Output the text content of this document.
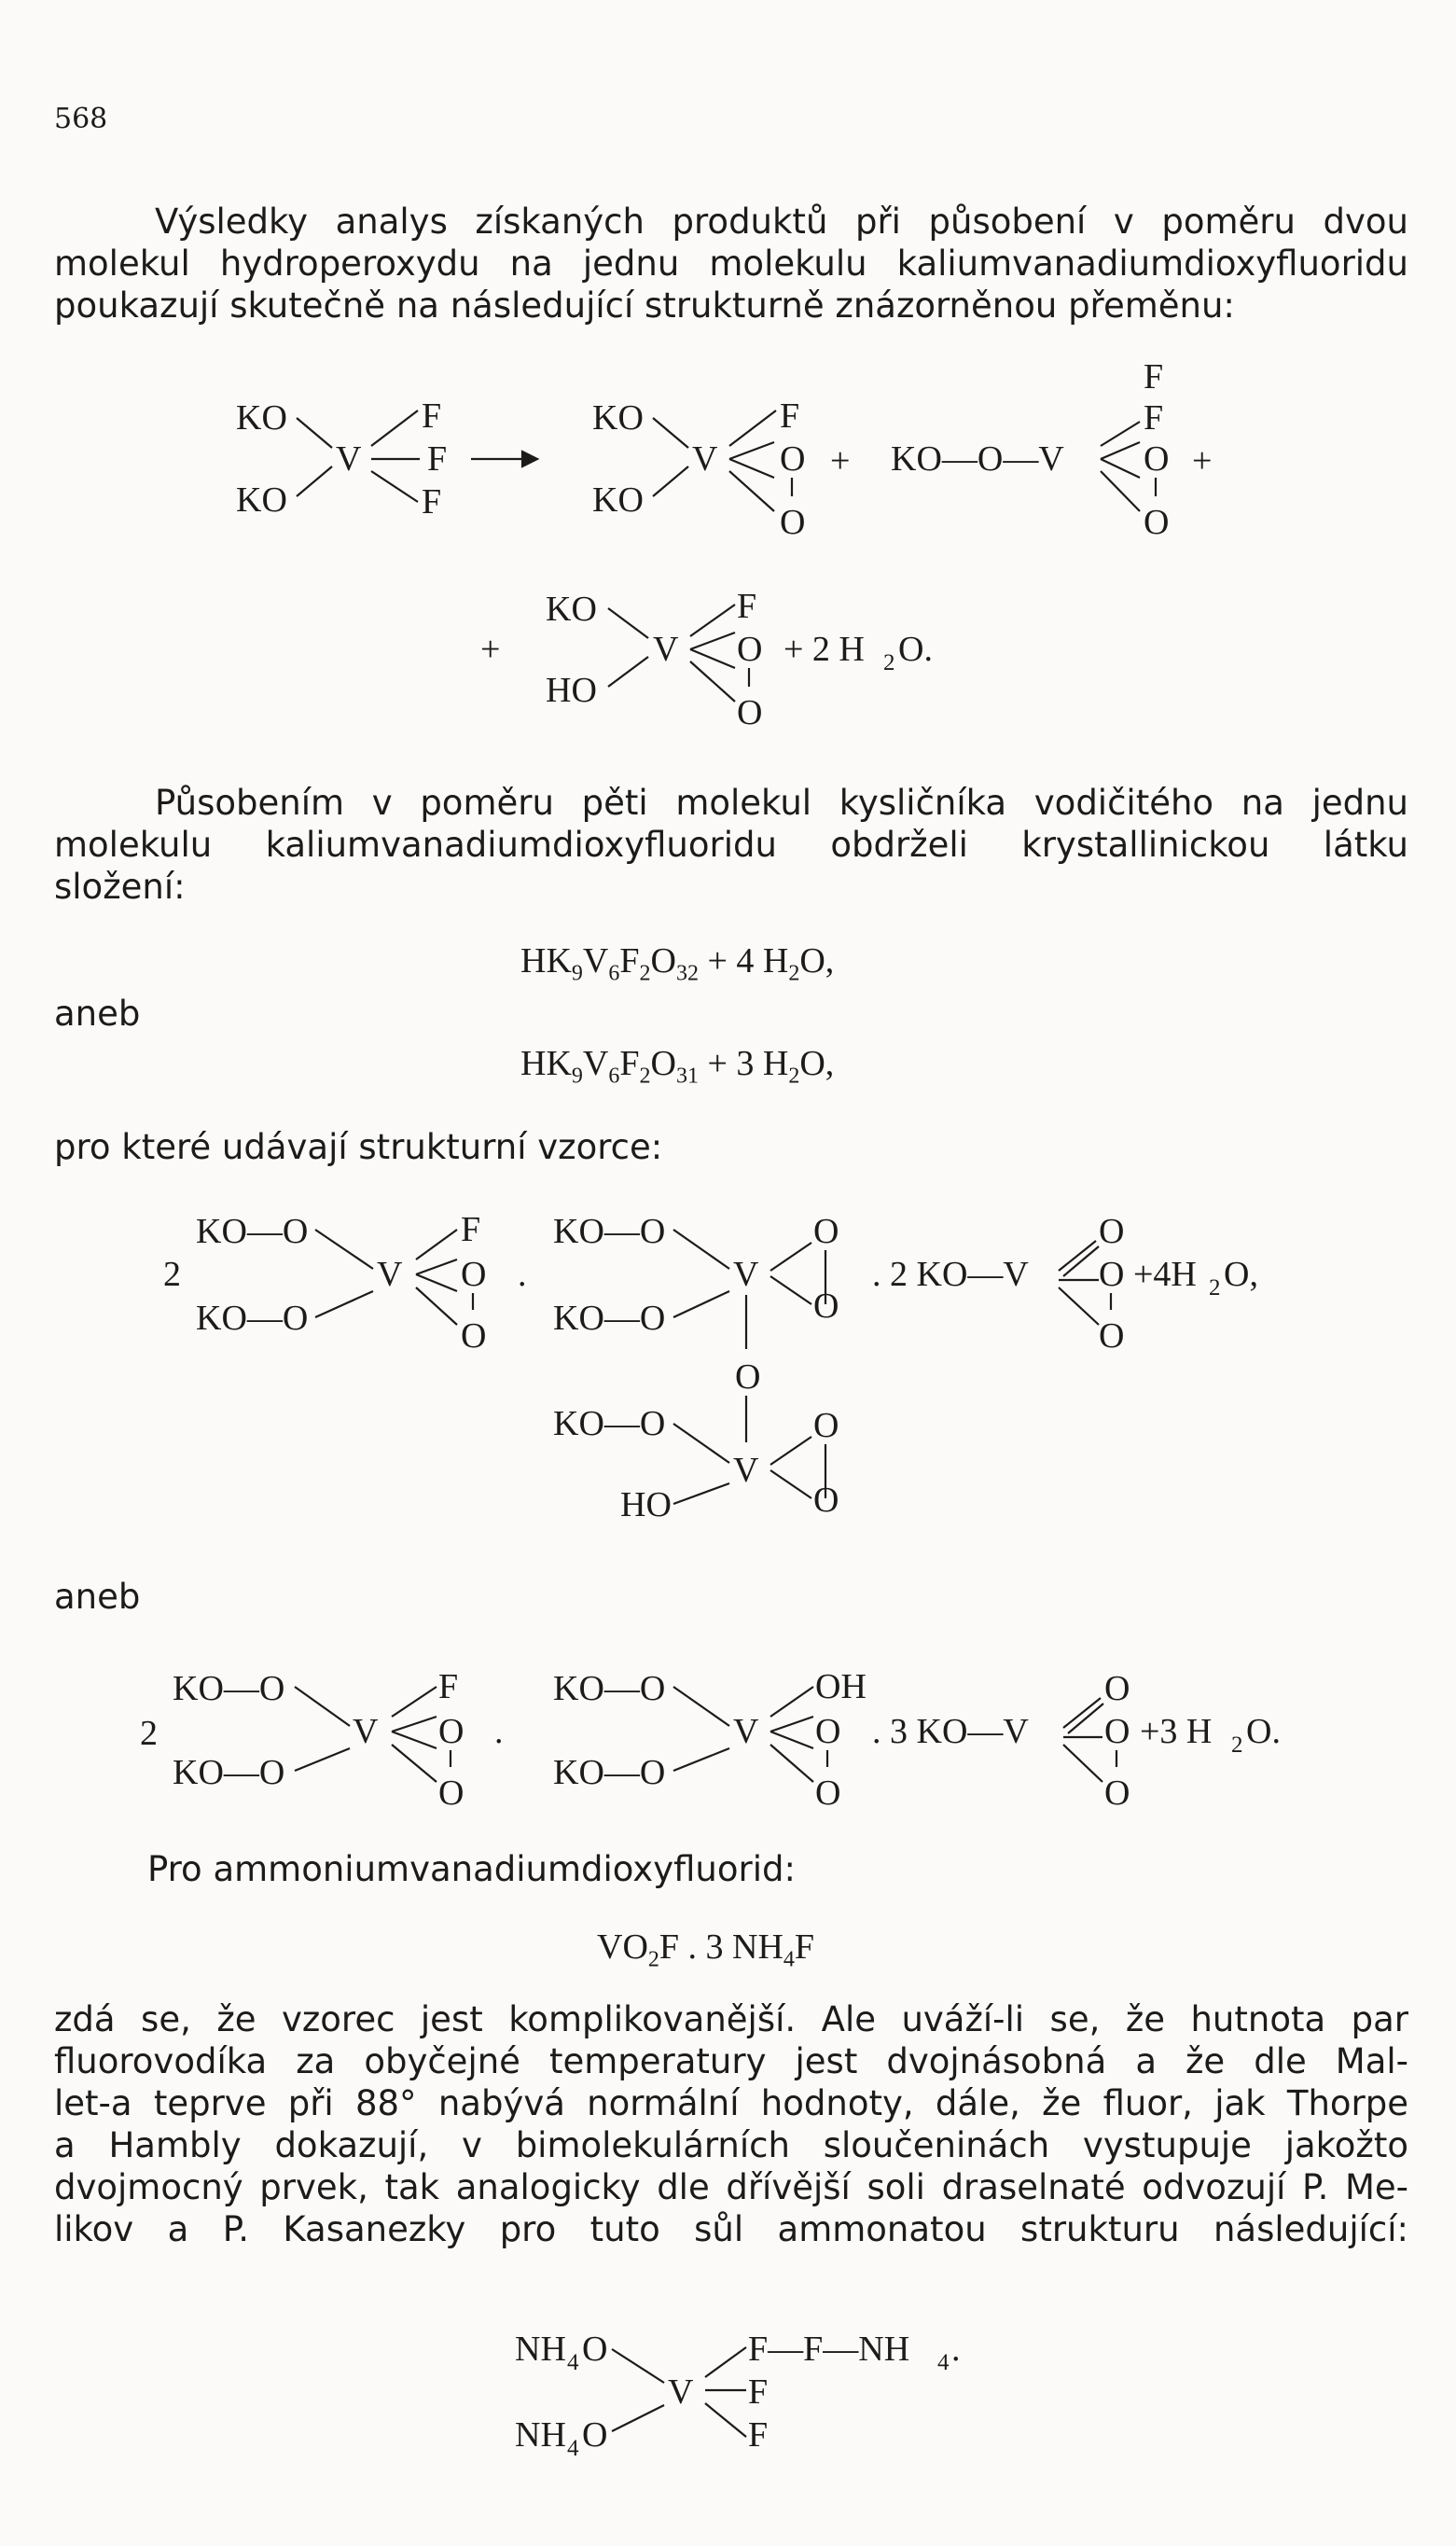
568
Výsledky analys získaných produktů při působení v poměru dvou
molekul hydroperoxydu na jednu molekulu kaliumvanadiumdioxyfluoridu
poukazují skutečně na následující strukturně znázorněnou přeměnu:
KO
KO
V
F
F
F
KO
KO
V
F
O
O
+ KO—O—V
F
F
O
O
+
+
KO
HO
V
F
O
O
+ 2 H 2 O.
Působením v poměru pěti molekul kysličníka vodičitého na jednu
molekulu kaliumvanadiumdioxyfluoridu obdrželi krystallinickou látku
složení:
$HK_9V_6F_2O_{32} + 4$ $H_2O$,
aneb
$HK_9V_6F_2O_{31} + 3$ $H_2O$,
pro které udávají strukturní vzorce:
2
KO—O
KO—O
V
F
O
O
.
KO—O
KO—O
V
O
O
O
KO—O
HO
V
O
O
. 2 KO—V
O
O
O
+4H 2 O,
aneb
2
KO—O
KO—O
V
F
O
O
.
KO—O
KO—O
V
OH
O
O
. 3 KO—V
O
O
O
+3 H 2 O.
Pro ammoniumvanadiumdioxyfluorid:
$VO_2F$ . 3 $NH_4F$
zdá se, že vzorec jest komplikovanější. Ale uváží-li se, že hutnota par
fluorovodíka za obyčejné temperatury jest dvojnásobná a že dle Mal-
let-a teprve při 88° nabývá normální hodnoty, dále, že fluor, jak Thorpe
a Hambly dokazují, v bimolekulárních sloučeninách vystupuje jakožto
dvojmocný prvek, tak analogicky dle dřívější soli draselnaté odvozují P. Me-
likov a P. Kasanezky pro tuto sůl ammonatou strukturu následující:
NH 4 O
NH 4 O
V
F—F—NH 4 .
F
F
